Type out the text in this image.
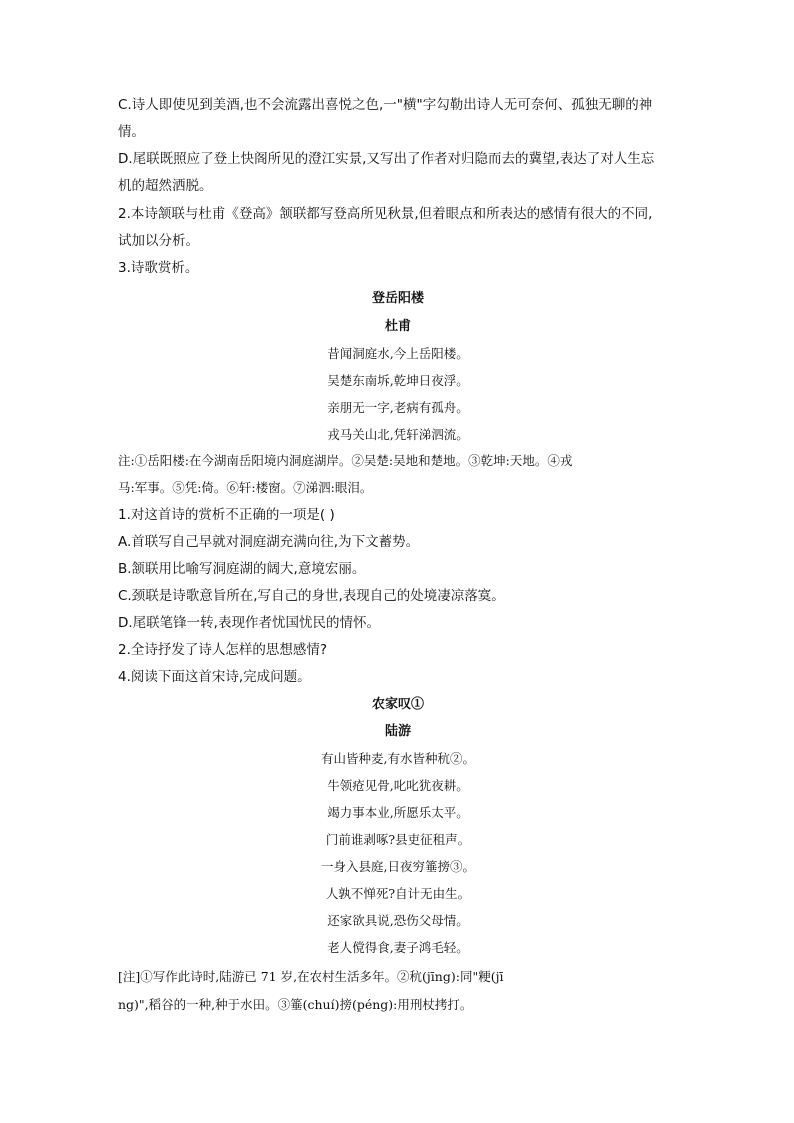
C.诗人即使见到美酒,也不会流露出喜悦之色,一"横"字勾勒出诗人无可奈何、孤独无聊的神
情。
D.尾联既照应了登上快阁所见的澄江实景,又写出了作者对归隐而去的冀望,表达了对人生忘
机的超然洒脱。
2.本诗颔联与杜甫《登高》颔联都写登高所见秋景,但着眼点和所表达的感情有很大的不同,
试加以分析。
3.诗歌赏析。
登岳阳楼
杜甫
昔闻洞庭水,今上岳阳楼。
吴楚东南坼,乾坤日夜浮。
亲朋无一字,老病有孤舟。
戎马关山北,凭轩涕泗流。
注:①岳阳楼:在今湖南岳阳境内洞庭湖岸。②吴楚:吴地和楚地。③乾坤:天地。④戎
马:军事。⑤凭:倚。⑥轩:楼窗。⑦涕泗:眼泪。
1.对这首诗的赏析不正确的一项是( )
A.首联写自己早就对洞庭湖充满向往,为下文蓄势。
B.颔联用比喻写洞庭湖的阔大,意境宏丽。
C.颈联是诗歌意旨所在,写自己的身世,表现自己的处境凄凉落寞。
D.尾联笔锋一转,表现作者忧国忧民的情怀。
2.全诗抒发了诗人怎样的思想感情?
4.阅读下面这首宋诗,完成问题。
农家叹①
陆游
有山皆种麦,有水皆种秔②。
牛领疮见骨,叱叱犹夜耕。
竭力事本业,所愿乐太平。
门前谁剥啄?县吏征租声。
一身入县庭,日夜穷箠搒③。
人孰不惮死?自计无由生。
还家欲具说,恐伤父母情。
老人傥得食,妻子鸿毛轻。
[注]①写作此诗时,陆游已 71 岁,在农村生活多年。②秔(jīng):同"粳(jī
ng)",稻谷的一种,种于水田。③箠(chuí)搒(péng):用刑杖拷打。
